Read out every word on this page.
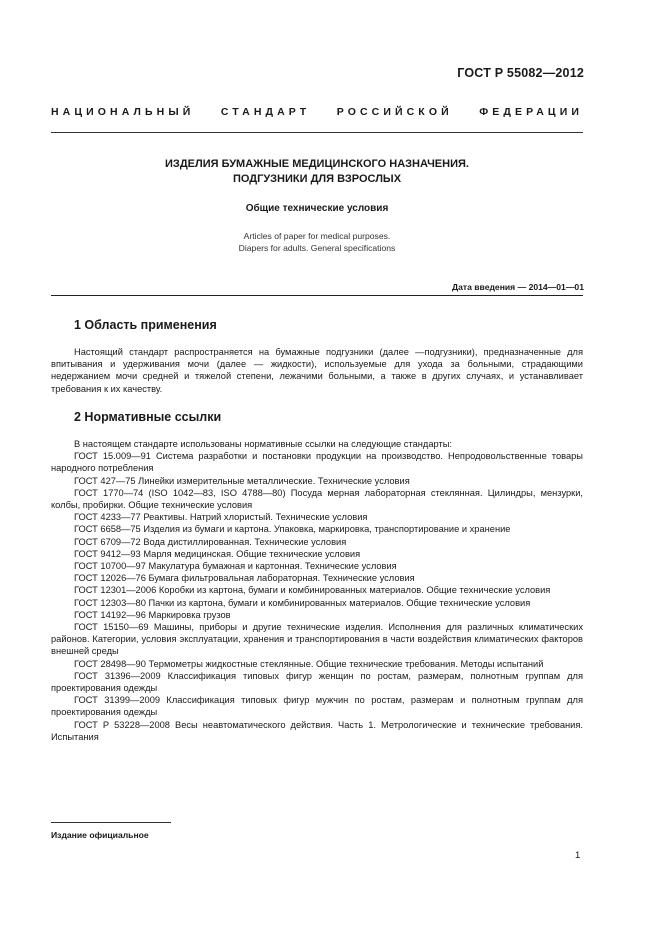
ГОСТ Р 55082—2012
НАЦИОНАЛЬНЫЙ СТАНДАРТ РОССИЙСКОЙ ФЕДЕРАЦИИ
ИЗДЕЛИЯ БУМАЖНЫЕ МЕДИЦИНСКОГО НАЗНАЧЕНИЯ.
ПОДГУЗНИКИ ДЛЯ ВЗРОСЛЫХ
Общие технические условия
Articles of paper for medical purposes.
Diapers for adults. General specifications
Дата введения — 2014—01—01
1 Область применения

Настоящий стандарт распространяется на бумажные подгузники (далее —подгузники), предназначенные для впитывания и удерживания мочи (далее — жидкости), используемые для ухода за больными, страдающими недержанием мочи средней и тяжелой степени, лежачими больными, а также в других случаях, и устанавливает требования к их качеству.

2 Нормативные ссылки

В настоящем стандарте использованы нормативные ссылки на следующие стандарты:

ГОСТ 15.009—91 Система разработки и постановки продукции на производство. Непродовольственные товары народного потребления

ГОСТ 427—75 Линейки измерительные металлические. Технические условия

ГОСТ 1770—74 (ISO 1042—83, ISO 4788—80) Посуда мерная лабораторная стеклянная. Цилиндры, мензурки, колбы, пробирки. Общие технические условия

ГОСТ 4233—77 Реактивы. Натрий хлористый. Технические условия

ГОСТ 6658—75 Изделия из бумаги и картона. Упаковка, маркировка, транспортирование и хранение

ГОСТ 6709—72 Вода дистиллированная. Технические условия

ГОСТ 9412—93 Марля медицинская. Общие технические условия

ГОСТ 10700—97 Макулатура бумажная и картонная. Технические условия

ГОСТ 12026—76 Бумага фильтровальная лабораторная. Технические условия

ГОСТ 12301—2006 Коробки из картона, бумаги и комбинированных материалов. Общие технические условия

ГОСТ 12303—80 Пачки из картона, бумаги и комбинированных материалов. Общие технические условия

ГОСТ 14192—96 Маркировка грузов

ГОСТ 15150—69 Машины, приборы и другие технические изделия. Исполнения для различных климатических районов. Категории, условия эксплуатации, хранения и транспортирования в части воздействия климатических факторов внешней среды

ГОСТ 28498—90 Термометры жидкостные стеклянные. Общие технические требования. Методы испытаний

ГОСТ 31396—2009 Классификация типовых фигур женщин по ростам, размерам, полнотным группам для проектирования одежды

ГОСТ 31399—2009 Классификация типовых фигур мужчин по ростам, размерам и полнотным группам для проектирования одежды

ГОСТ Р 53228—2008 Весы неавтоматического действия. Часть 1. Метрологические и технические требования. Испытания

Издание официальное
1
